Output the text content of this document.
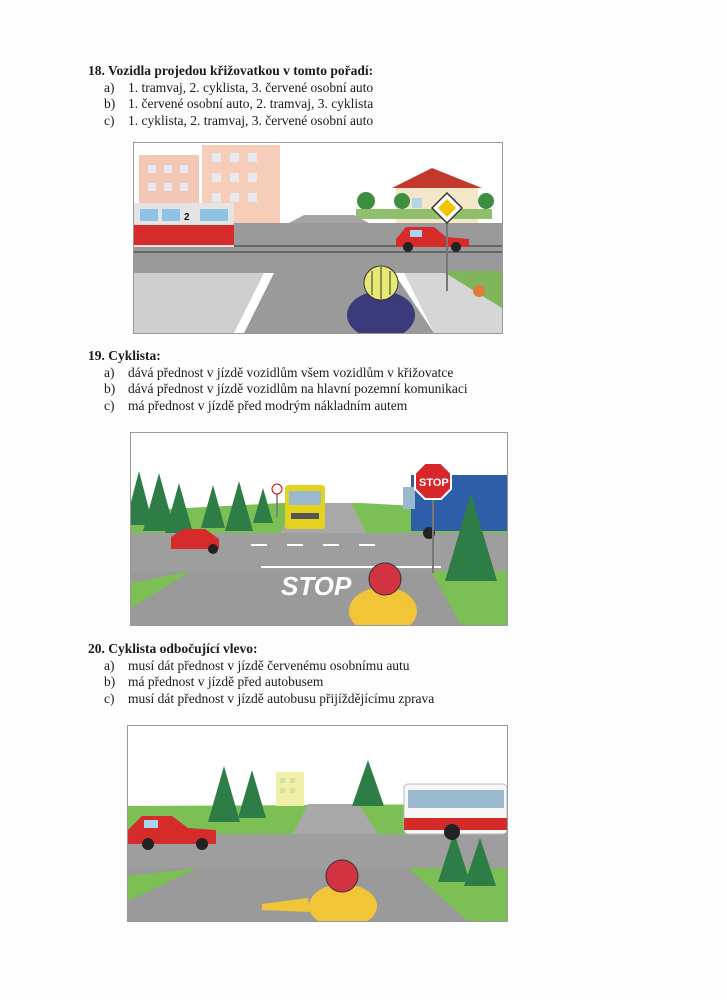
18. Vozidla projedou křižovatkou v tomto pořadí:
a)	1. tramvaj, 2. cyklista, 3. červené osobní auto
b) 1. červené osobní auto, 2. tramvaj, 3. cyklista
c)	1. cyklista, 2. tramvaj, 3. červené osobní auto
2
19. Cyklista:
a)	dává přednost v jízdě vozidlům všem vozidlům v křižovatce
b) dává přednost v jízdě vozidlům na hlavní pozemní komunikaci
c)	má přednost v jízdě před modrým nákladním autem
STOP
STOP
20. Cyklista odbočující vlevo:
a)	musí dát přednost v jízdě červenému osobnímu autu
b) má přednost v jízdě před autobusem
c)	musí dát přednost v jízdě autobusu přijíždějícímu zprava
